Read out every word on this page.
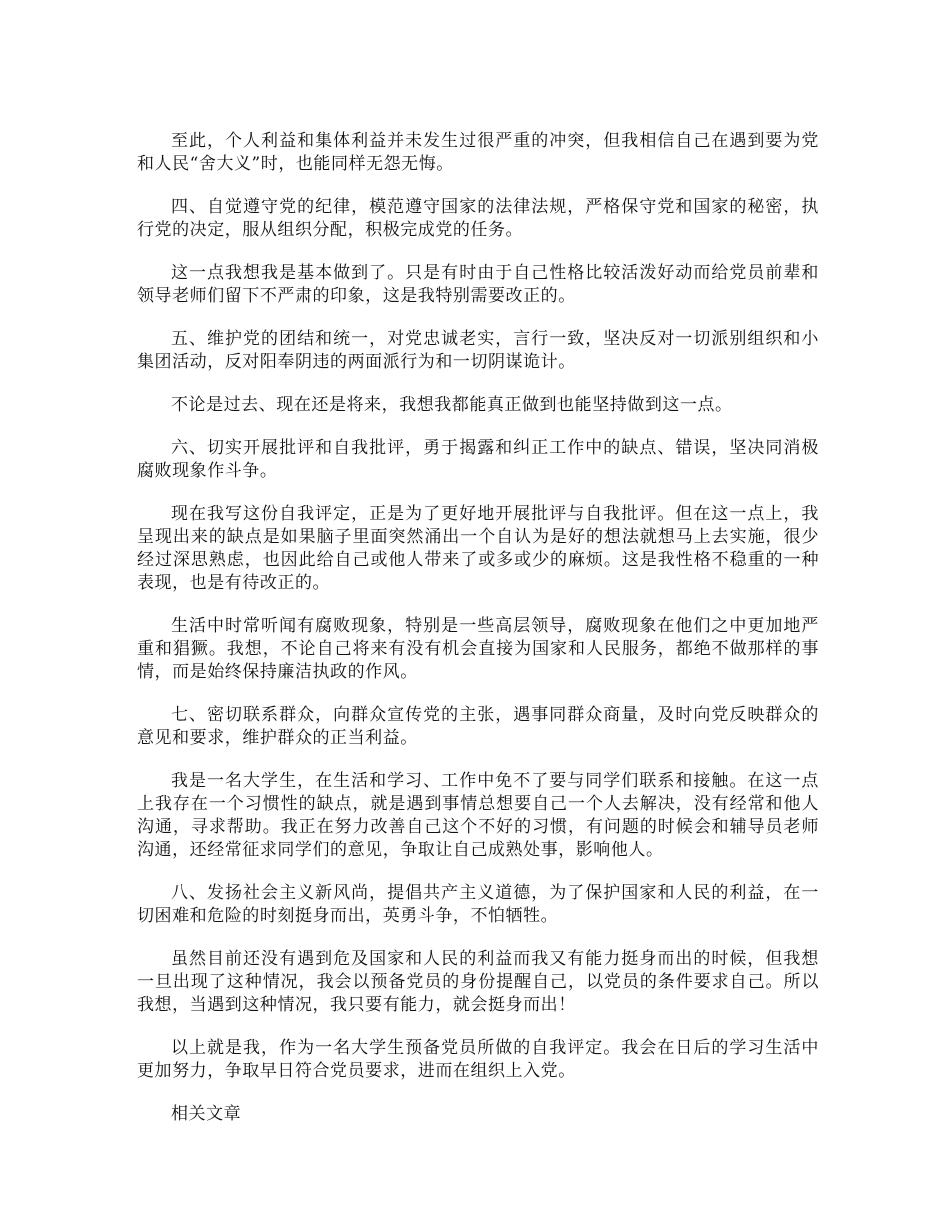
至此，个人利益和集体利益并未发生过很严重的冲突，但我相信自己在遇到要为党和人民“舍大义”时，也能同样无怨无悔。

四、自觉遵守党的纪律，模范遵守国家的法律法规，严格保守党和国家的秘密，执行党的决定，服从组织分配，积极完成党的任务。

这一点我想我是基本做到了。只是有时由于自己性格比较活泼好动而给党员前辈和领导老师们留下不严肃的印象，这是我特别需要改正的。

五、维护党的团结和统一，对党忠诚老实，言行一致，坚决反对一切派别组织和小集团活动，反对阳奉阴违的两面派行为和一切阴谋诡计。

不论是过去、现在还是将来，我想我都能真正做到也能坚持做到这一点。

六、切实开展批评和自我批评，勇于揭露和纠正工作中的缺点、错误，坚决同消极腐败现象作斗争。

现在我写这份自我评定，正是为了更好地开展批评与自我批评。但在这一点上，我呈现出来的缺点是如果脑子里面突然涌出一个自认为是好的想法就想马上去实施，很少经过深思熟虑，也因此给自己或他人带来了或多或少的麻烦。这是我性格不稳重的一种表现，也是有待改正的。

生活中时常听闻有腐败现象，特别是一些高层领导，腐败现象在他们之中更加地严重和猖獗。我想，不论自己将来有没有机会直接为国家和人民服务，都绝不做那样的事情，而是始终保持廉洁执政的作风。

七、密切联系群众，向群众宣传党的主张，遇事同群众商量，及时向党反映群众的意见和要求，维护群众的正当利益。

我是一名大学生，在生活和学习、工作中免不了要与同学们联系和接触。在这一点上我存在一个习惯性的缺点，就是遇到事情总想要自己一个人去解决，没有经常和他人沟通，寻求帮助。我正在努力改善自己这个不好的习惯，有问题的时候会和辅导员老师沟通，还经常征求同学们的意见，争取让自己成熟处事，影响他人。

八、发扬社会主义新风尚，提倡共产主义道德，为了保护国家和人民的利益，在一切困难和危险的时刻挺身而出，英勇斗争，不怕牺牲。

虽然目前还没有遇到危及国家和人民的利益而我又有能力挺身而出的时候，但我想一旦出现了这种情况，我会以预备党员的身份提醒自己，以党员的条件要求自己。所以我想，当遇到这种情况，我只要有能力，就会挺身而出！

以上就是我，作为一名大学生预备党员所做的自我评定。我会在日后的学习生活中更加努力，争取早日符合党员要求，进而在组织上入党。

相关文章
